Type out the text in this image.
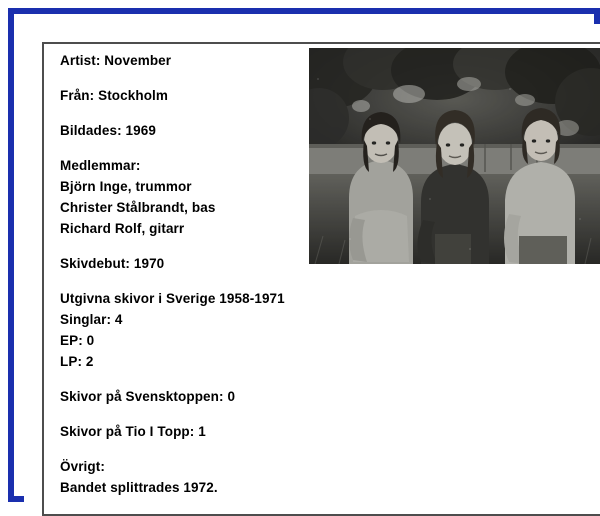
Artist: November
Från: Stockholm
Bildades: 1969
Medlemmar:
Björn Inge, trummor
Christer Stålbrandt, bas
Richard Rolf, gitarr
Skivdebut: 1970
Utgivna skivor i Sverige 1958-1971
Singlar: 4
EP: 0
LP: 2
Skivor på Svensktoppen: 0
Skivor på Tio I Topp: 1
Övrigt:
Bandet splittrades 1972.
